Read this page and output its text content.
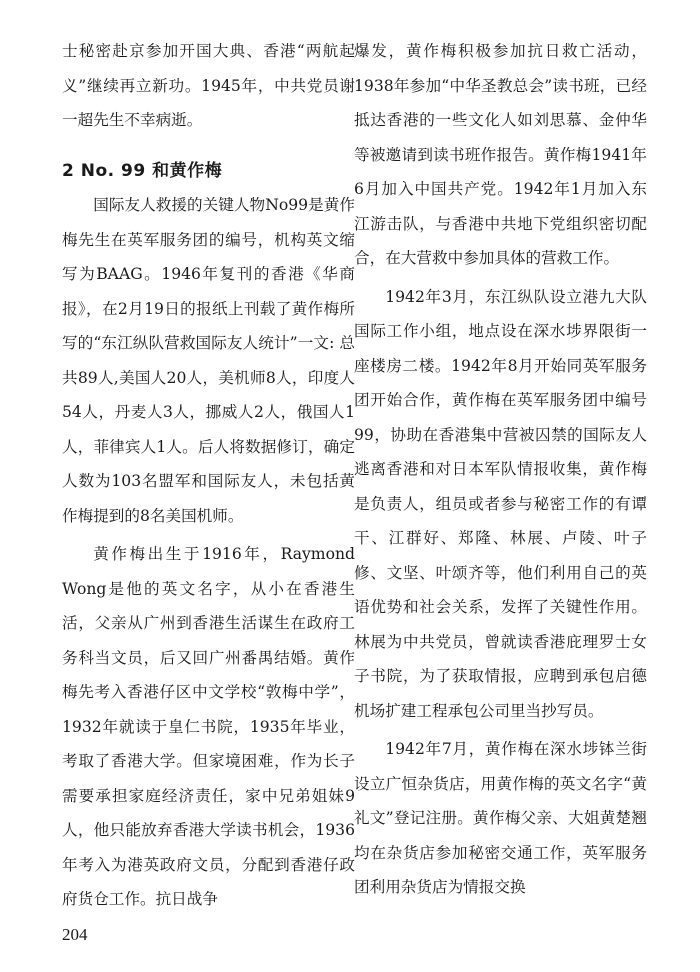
士秘密赴京参加开国大典、香港“两航起义”继续再立新功。1945年，中共党员谢一超先生不幸病逝。

2 No. 99 和黄作梅

国际友人救援的关键人物No99是黄作梅先生在英军服务团的编号，机构英文缩写为BAAG。1946年复刊的香港《华商报》，在2月19日的报纸上刊载了黄作梅所写的“东江纵队营救国际友人统计”一文: 总共89人,美国人20人，美机师8人，印度人54人，丹麦人3人，挪威人2人，俄国人1人，菲律宾人1人。后人将数据修订，确定人数为103名盟军和国际友人，未包括黄作梅提到的8名美国机师。

黄作梅出生于1916年，Raymond Wong是他的英文名字，从小在香港生活，父亲从广州到香港生活谋生在政府工务科当文员，后又回广州番禺结婚。黄作梅先考入香港仔区中文学校“敦梅中学”，1932年就读于皇仁书院，1935年毕业，考取了香港大学。但家境困难，作为长子需要承担家庭经济责任，家中兄弟姐妹9人，他只能放弃香港大学读书机会，1936年考入为港英政府文员，分配到香港仔政府货仓工作。抗日战争

爆发，黄作梅积极参加抗日救亡活动，1938年参加“中华圣教总会”读书班，已经抵达香港的一些文化人如刘思慕、金仲华等被邀请到读书班作报告。黄作梅1941年6月加入中国共产党。1942年1月加入东江游击队，与香港中共地下党组织密切配合，在大营救中参加具体的营救工作。

1942年3月，东江纵队设立港九大队国际工作小组，地点设在深水埗界限街一座楼房二楼。1942年8月开始同英军服务团开始合作，黄作梅在英军服务团中编号99，协助在香港集中营被囚禁的国际友人逃离香港和对日本军队情报收集，黄作梅是负责人，组员或者参与秘密工作的有谭干、江群好、郑隆、林展、卢陵、叶子修、文坚、叶颂齐等，他们利用自己的英语优势和社会关系，发挥了关键性作用。林展为中共党员，曾就读香港庇理罗士女子书院，为了获取情报，应聘到承包启德机场扩建工程承包公司里当抄写员。

1942年7月，黄作梅在深水埗钵兰街设立广恒杂货店，用黄作梅的英文名字“黄礼文”登记注册。黄作梅父亲、大姐黄楚翘均在杂货店参加秘密交通工作，英军服务团利用杂货店为情报交换

204
